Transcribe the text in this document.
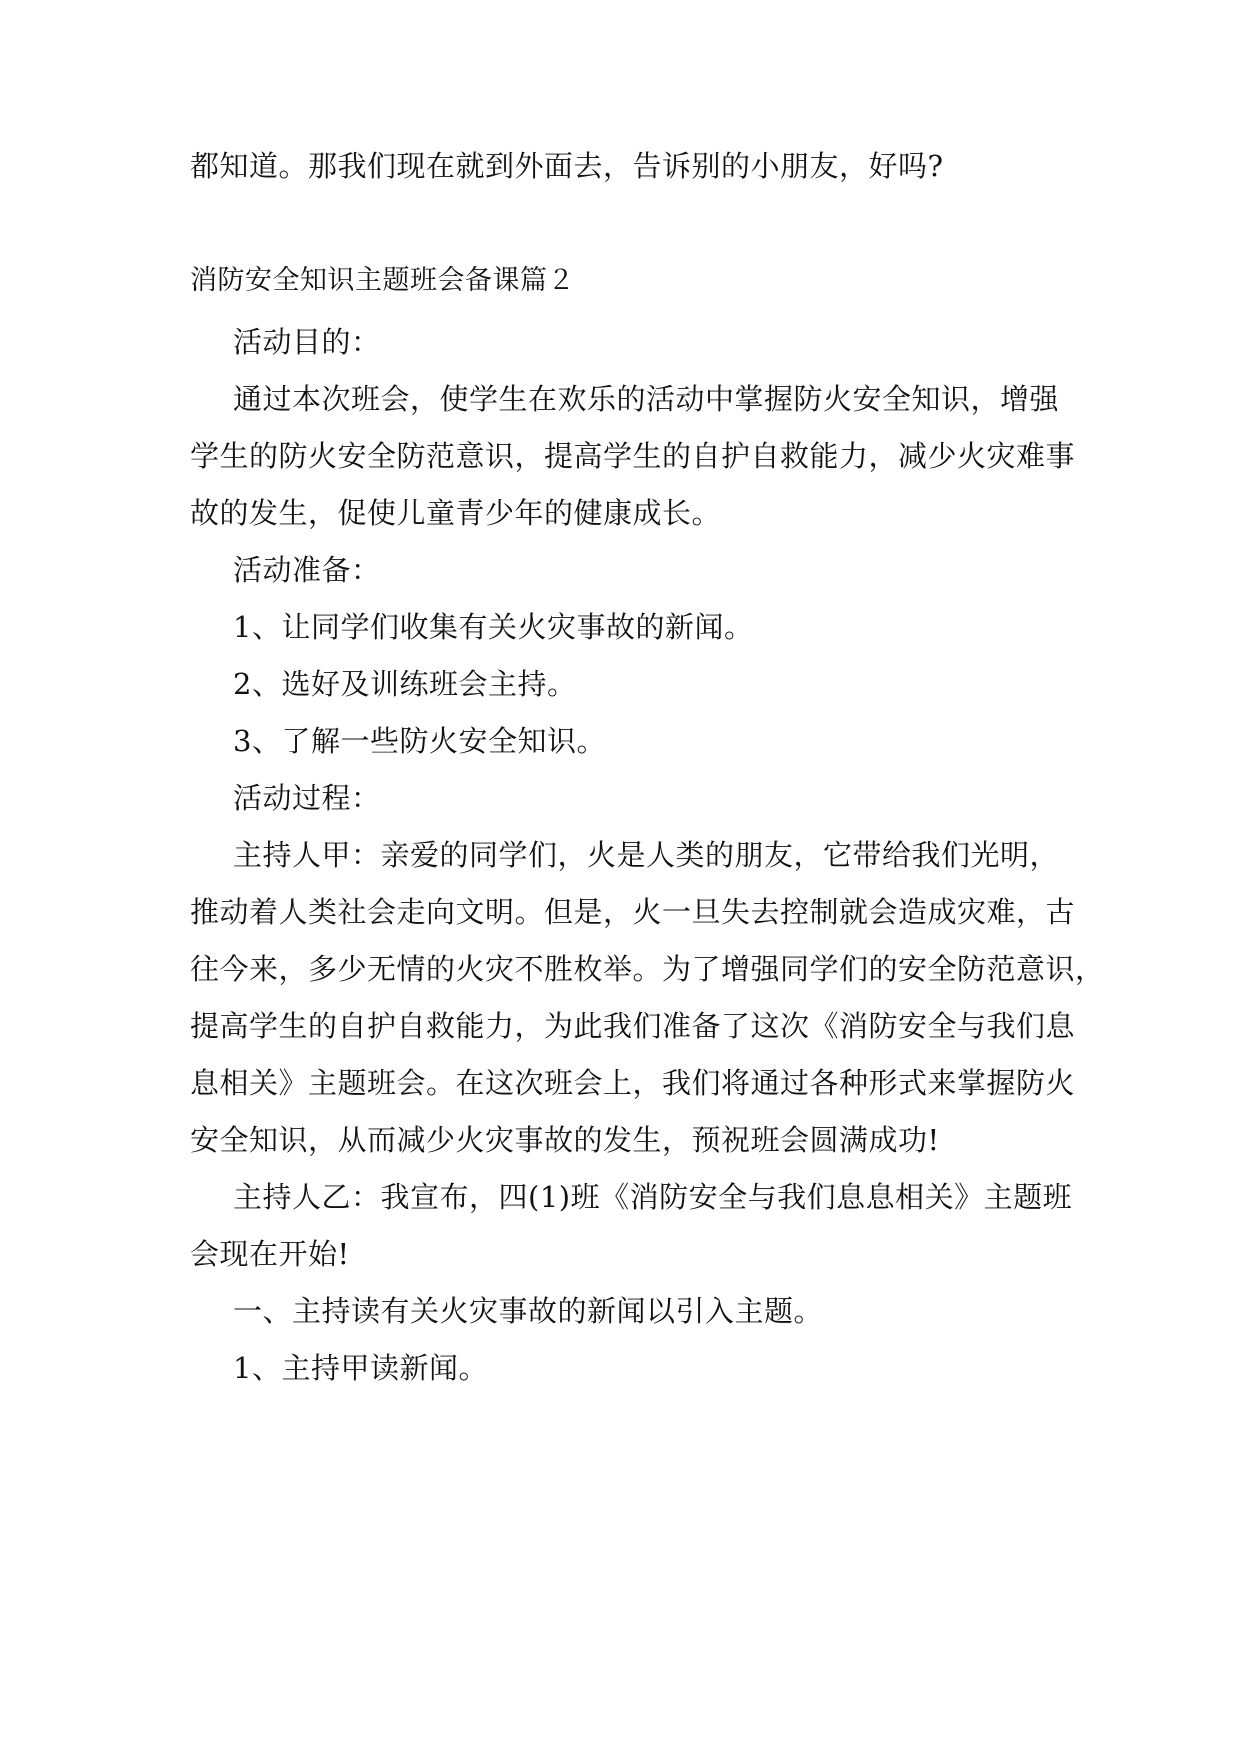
都知道。那我们现在就到外面去，告诉别的小朋友，好吗?

消防安全知识主题班会备课篇２

活动目的：

通过本次班会，使学生在欢乐的活动中掌握防火安全知识，增强

学生的防火安全防范意识，提高学生的自护自救能力，减少火灾难事

故的发生，促使儿童青少年的健康成长。

活动准备：

1、让同学们收集有关火灾事故的新闻。

2、选好及训练班会主持。

3、了解一些防火安全知识。

活动过程：

主持人甲：亲爱的同学们，火是人类的朋友，它带给我们光明，

推动着人类社会走向文明。但是，火一旦失去控制就会造成灾难，古

往今来，多少无情的火灾不胜枚举。为了增强同学们的安全防范意识，

提高学生的自护自救能力，为此我们准备了这次《消防安全与我们息

息相关》主题班会。在这次班会上，我们将通过各种形式来掌握防火

安全知识，从而减少火灾事故的发生，预祝班会圆满成功!

主持人乙：我宣布，四(1)班《消防安全与我们息息相关》主题班

会现在开始!

一、主持读有关火灾事故的新闻以引入主题。

1、主持甲读新闻。
